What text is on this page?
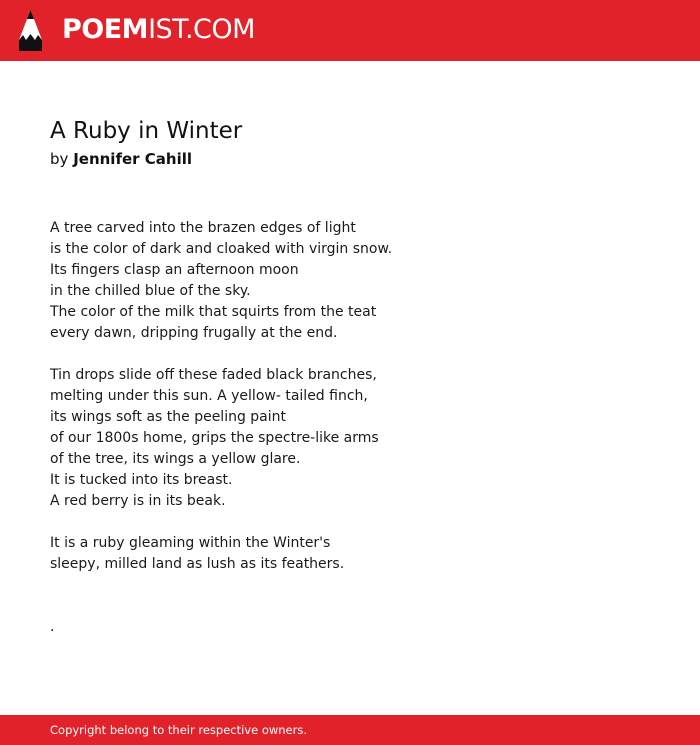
POEMIST.COM
A Ruby in Winter
by Jennifer Cahill
A tree carved into the brazen edges of light
is the color of dark and cloaked with virgin snow.
Its fingers clasp an afternoon moon
in the chilled blue of the sky.
The color of the milk that squirts from the teat
every dawn, dripping frugally at the end.
Tin drops slide off these faded black branches,
melting under this sun. A yellow- tailed finch,
its wings soft as the peeling paint
of our 1800s home, grips the spectre-like arms
of the tree, its wings a yellow glare.
It is tucked into its breast.
A red berry is in its beak.
It is a ruby gleaming within the Winter's
sleepy, milled land as lush as its feathers.
.
Copyright belong to their respective owners.
